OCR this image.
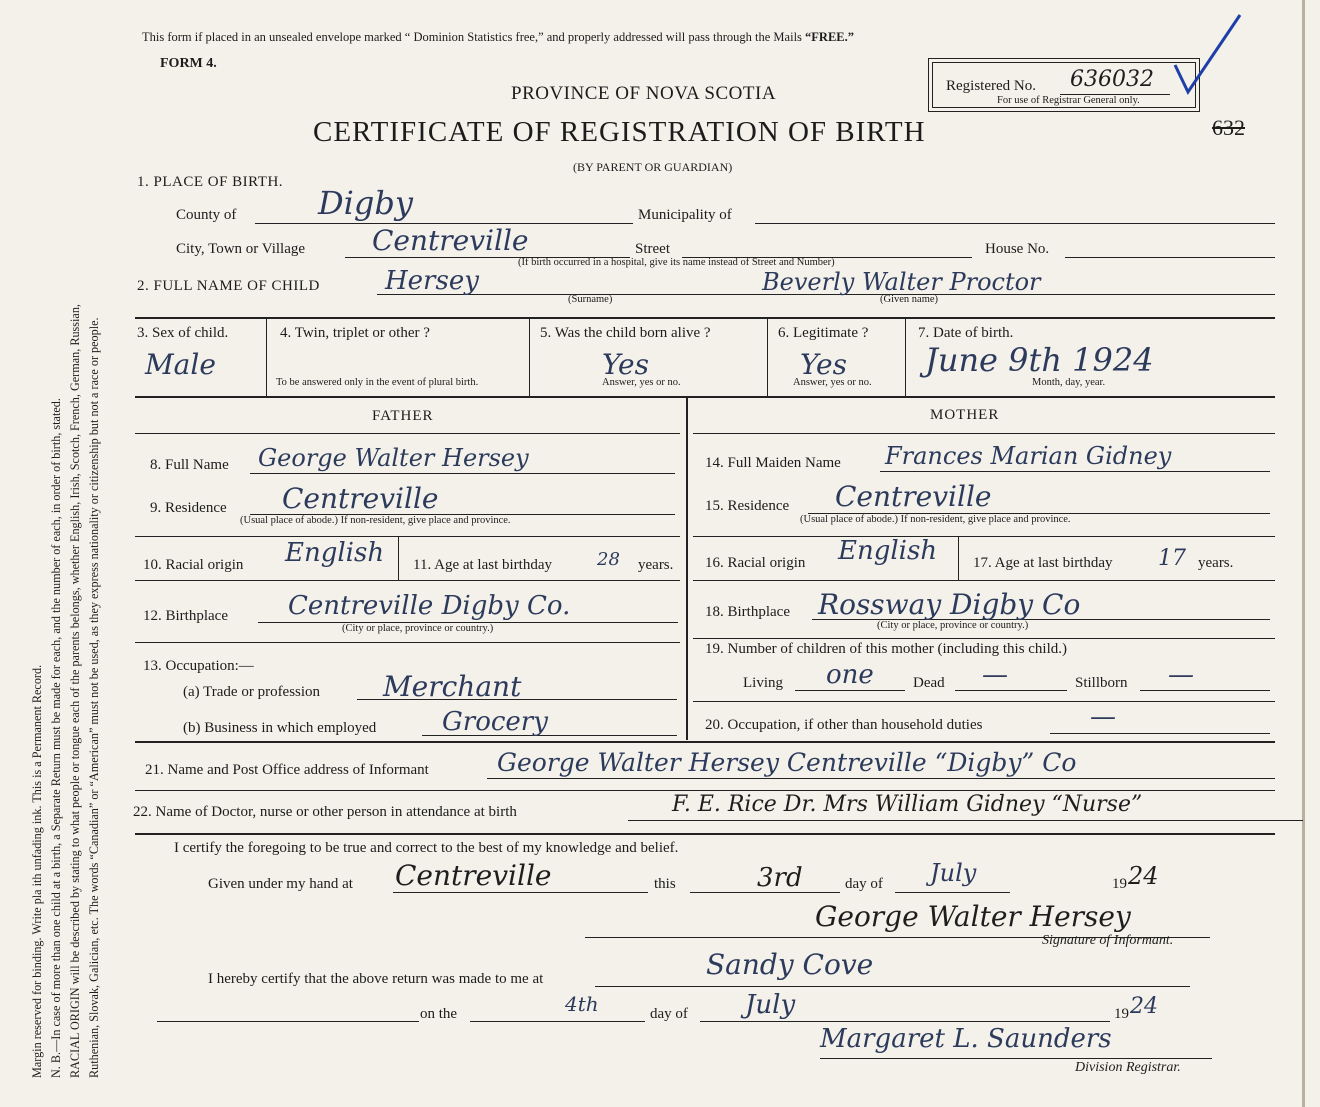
Margin reserved for binding. Write pla ith unfading ink. This is a Permanent Record. N. B.—In case of more than one child at a birth, a Separate Return must be made for each, and the number of each, in order of birth, stated. RACIAL ORIGIN will be described by stating to what people or tongue each of the parents belongs, whether English, Irish, Scotch, French, German, Russian, Ruthenian, Slovak, Galician, etc. The words “Canadian” or “American” must not be used, as they express nationality or citizenship but not a race or people.
This form if placed in an unsealed envelope marked “ Dominion Statistics free,” and properly addressed will pass through the Mails “FREE.”
FORM 4.
PROVINCE OF NOVA SCOTIA
CERTIFICATE OF REGISTRATION OF BIRTH
(BY PARENT OR GUARDIAN)
Registered No. 636032
For use of Registrar General only.
632
1. PLACE OF BIRTH.
County of	Digby	Municipality of
City, Town or Village Centreville	Street	House No.
(If birth occurred in a hospital, give its name instead of Street and Number)
2. FULL NAME OF CHILD	Hersey
(Surname)
Beverly Walter Proctor
(Given name)
3. Sex of child.
Male
4. Twin, triplet or other ?
To be answered only in the event of plural birth.
5. Was the child born alive ?
Yes
Answer, yes or no.
6. Legitimate ?
Yes
Answer, yes or no.
7. Date of birth.
June 9th 1924
Month, day, year.
FATHER	MOTHER
8. Full Name George Walter Hersey
9. Residence Centreville
(Usual place of abode.) If non-resident, give place and province.
10. Racial origin English 11. Age at last birthday	28 years.
12. Birthplace Centreville Digby Co.
(City or place, province or country.)
13. Occupation:—
(a) Trade or profession Merchant
(b) Business in which employed	Grocery
14. Full Maiden Name Frances Marian Gidney
15. Residence Centreville
(Usual place of abode.) If non-resident, give place and province.
16. Racial origin English 17. Age at last birthday 17 years.
18. Birthplace Rossway Digby Co
(City or place, province or country.)
19. Number of children of this mother (including this child.)
Living one	Dead —	Stillborn —
20. Occupation, if other than household duties	—
21. Name and Post Office address of Informant	George Walter Hersey Centreville “Digby” Co
22. Name of Doctor, nurse or other person in attendance at birth	F. E. Rice Dr. Mrs William Gidney “Nurse”
I certify the foregoing to be true and correct to the best of my knowledge and belief.
Given under my hand at Centreville	this	3rd	day of July	19 24
George Walter Hersey
Signature of Informant.
I hereby certify that the above return was made to me at	Sandy Cove
on the	4th	day of July	19 24
Margaret L. Saunders
Division Registrar.
